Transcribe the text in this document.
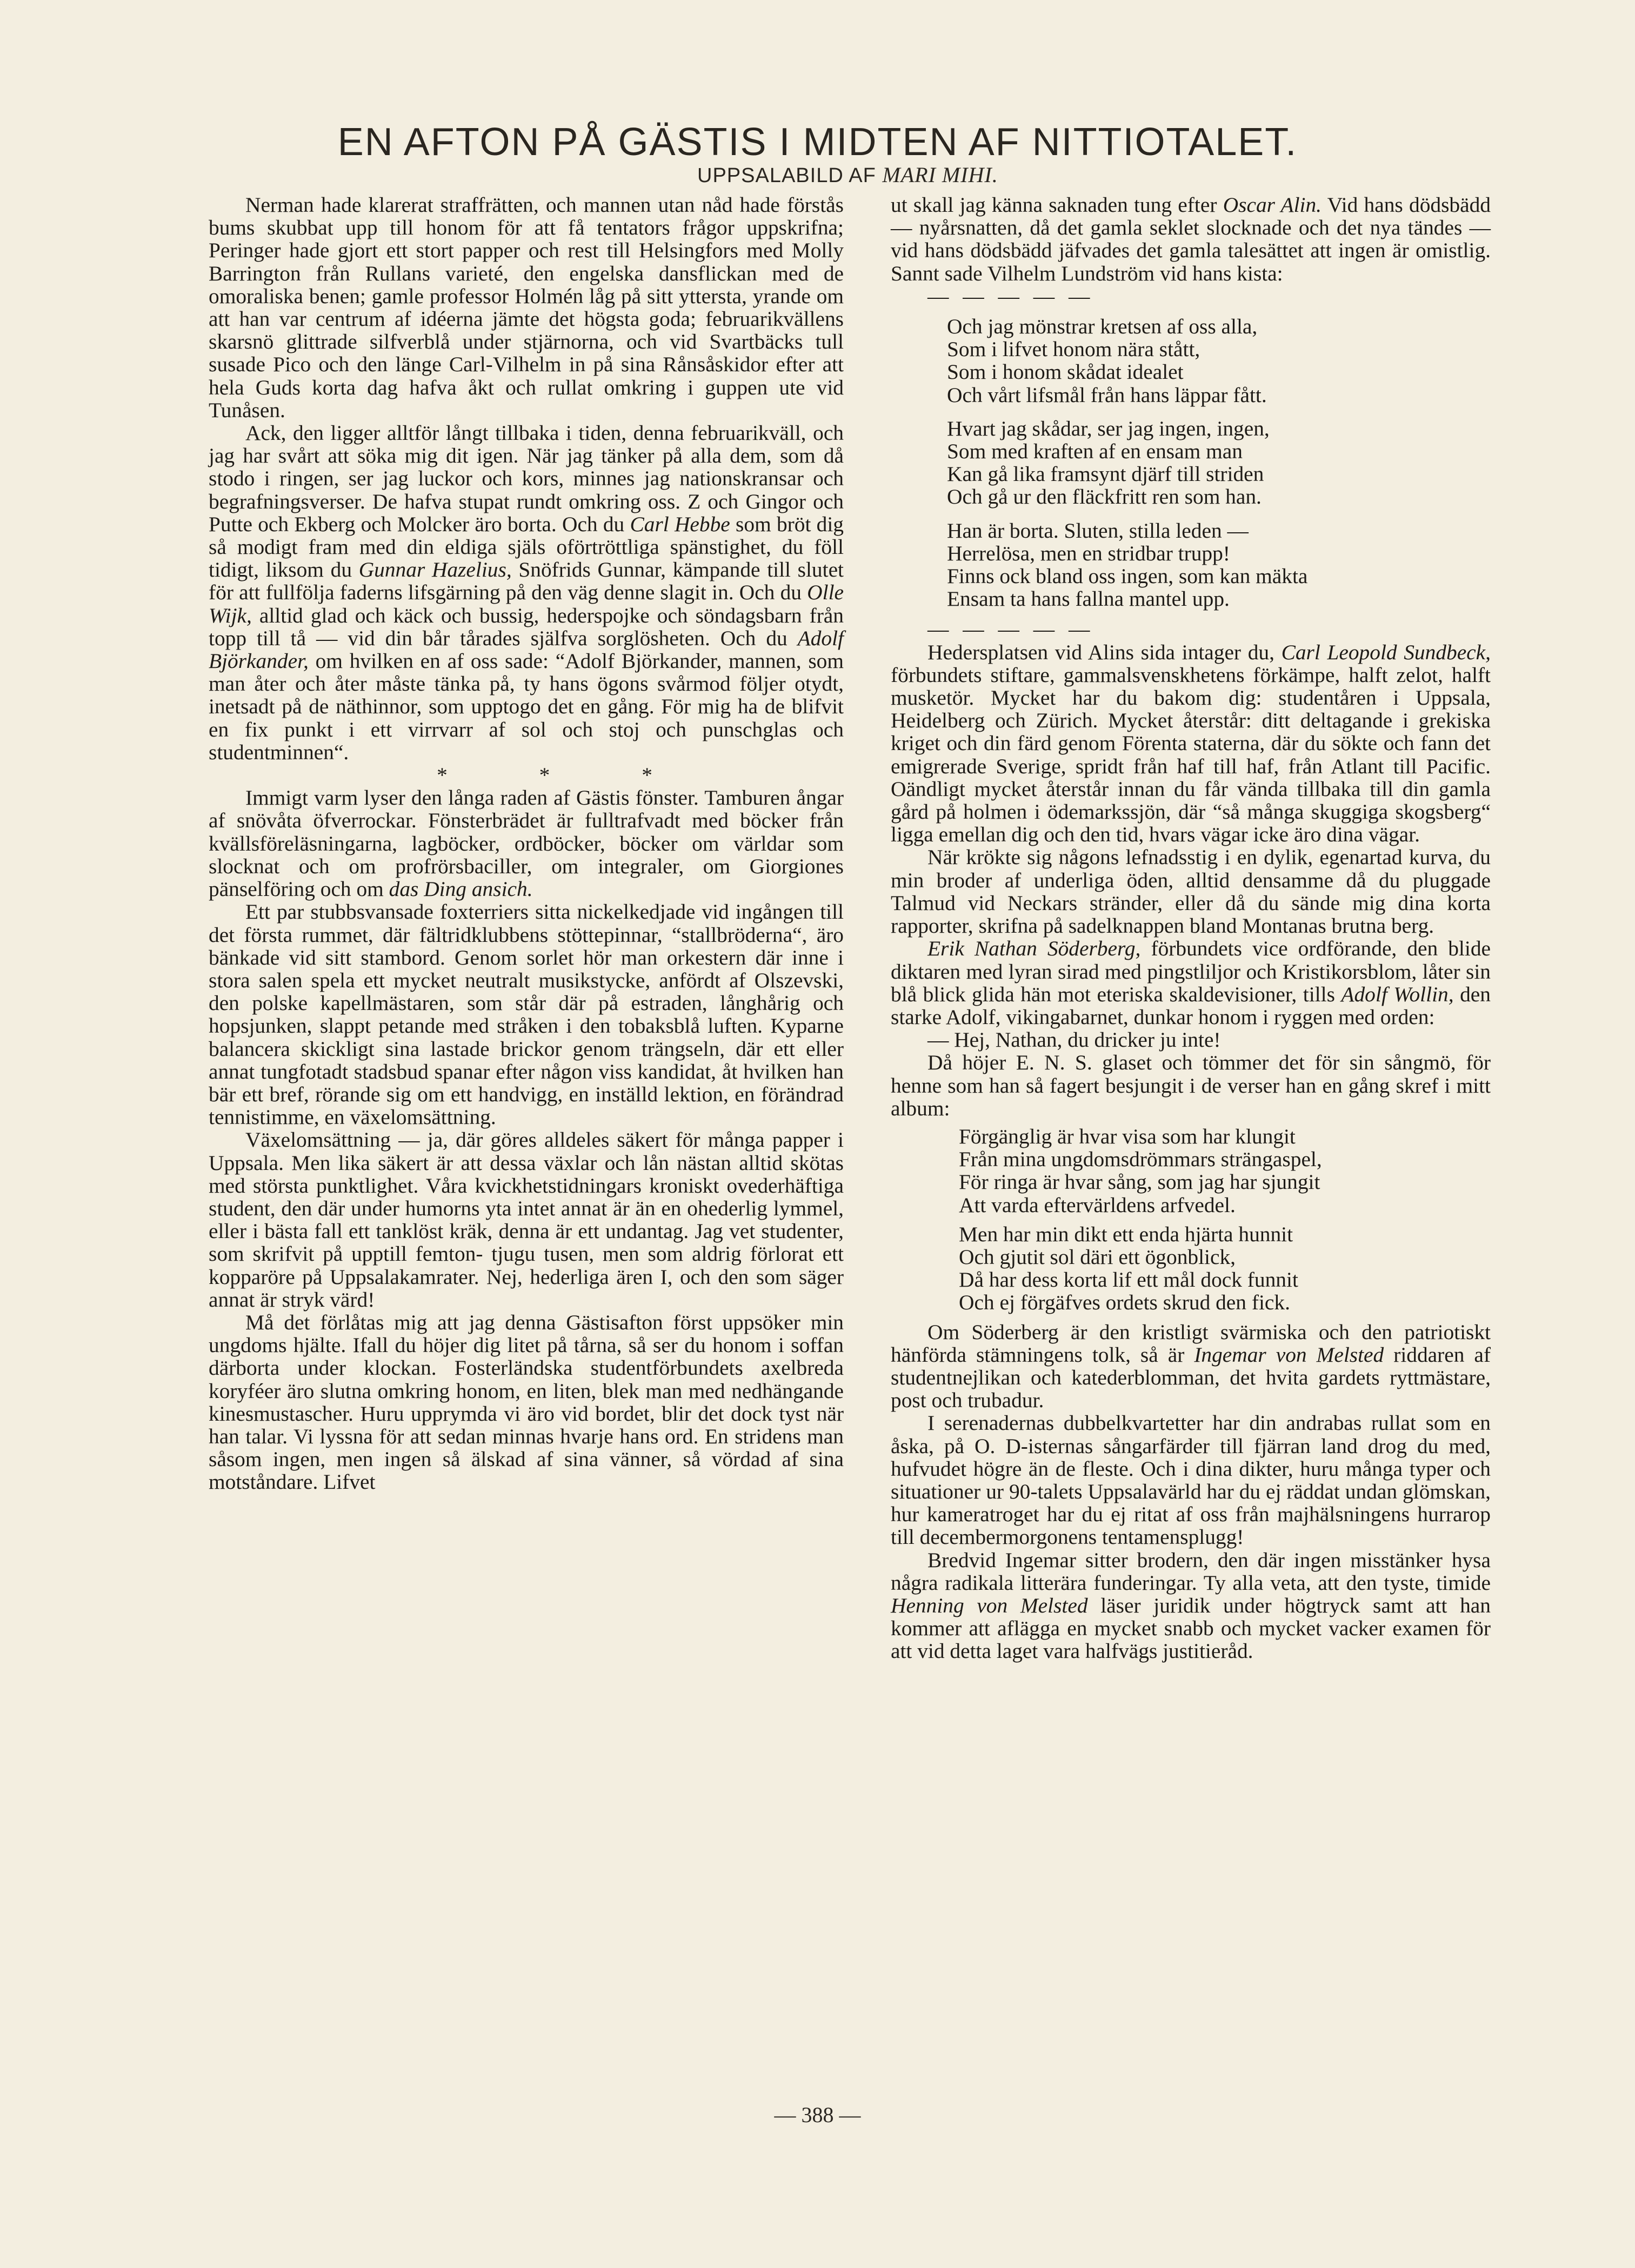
EN AFTON PÅ GÄSTIS I MIDTEN AF NITTIOTALET.
UPPSALABILD AF MARI MIHI.

Nerman hade klarerat straffrätten, och mannen utan nåd hade förstås bums skubbat upp till honom för att få tentators frågor uppskrifna; Peringer hade gjort ett stort papper och rest till Helsingfors med Molly Barrington från Rullans varieté, den engelska dansflickan med de omoraliska benen; gamle professor Holmén låg på sitt yttersta, yrande om att han var centrum af idéerna jämte det högsta goda; februarikvällens skarsnö glittrade silfverblå under stjärnorna, och vid Svartbäcks tull susade Pico och den länge Carl-Vilhelm in på sina Rånsåskidor efter att hela Guds korta dag hafva åkt och rullat omkring i guppen ute vid Tunåsen.

Ack, den ligger alltför långt tillbaka i tiden, denna februarikväll, och jag har svårt att söka mig dit igen. När jag tänker på alla dem, som då stodo i ringen, ser jag luckor och kors, minnes jag nationskransar och begrafningsverser. De hafva stupat rundt omkring oss. Z och Gingor och Putte och Ekberg och Molcker äro borta. Och du Carl Hebbe som bröt dig så modigt fram med din eldiga själs oförtröttliga spänstighet, du föll tidigt, liksom du Gunnar Hazelius, Snöfrids Gunnar, kämpande till slutet för att fullfölja faderns lifsgärning på den väg denne slagit in. Och du Olle Wijk, alltid glad och käck och bussig, hederspojke och söndagsbarn från topp till tå — vid din bår tårades själfva sorglösheten. Och du Adolf Björkander, om hvilken en af oss sade: “Adolf Björkander, mannen, som man åter och åter måste tänka på, ty hans ögons svårmod följer otydt, inetsadt på de näthinnor, som upptogo det en gång. För mig ha de blifvit en fix punkt i ett virrvarr af sol och stoj och punschglas och studentminnen“.

* * *

Immigt varm lyser den långa raden af Gästis fönster. Tamburen ångar af snövåta öfverrockar. Fönsterbrädet är fulltrafvadt med böcker från kvällsföreläsningarna, lagböcker, ordböcker, böcker om världar som slocknat och om profrörsbaciller, om integraler, om Giorgiones pänselföring och om das Ding ansich.

Ett par stubbsvansade foxterriers sitta nickelkedjade vid ingången till det första rummet, där fältridklubbens stöttepinnar, “stallbröderna“, äro bänkade vid sitt stambord. Genom sorlet hör man orkestern där inne i stora salen spela ett mycket neutralt musikstycke, anfördt af Olszevski, den polske kapellmästaren, som står där på estraden, långhårig och hopsjunken, slappt petande med stråken i den tobaksblå luften. Kyparne balancera skickligt sina lastade brickor genom trängseln, där ett eller annat tungfotadt stadsbud spanar efter någon viss kandidat, åt hvilken han bär ett bref, rörande sig om ett handvigg, en inställd lektion, en förändrad tennistimme, en växelomsättning.

Växelomsättning — ja, där göres alldeles säkert för många papper i Uppsala. Men lika säkert är att dessa växlar och lån nästan alltid skötas med största punktlighet. Våra kvickhetstidningars kroniskt ovederhäftiga student, den där under humorns yta intet annat är än en ohederlig lymmel, eller i bästa fall ett tanklöst kräk, denna är ett undantag. Jag vet studenter, som skrifvit på upptill femton- tjugu tusen, men som aldrig förlorat ett kopparöre på Uppsalakamrater. Nej, hederliga ären I, och den som säger annat är stryk värd!

Må det förlåtas mig att jag denna Gästisafton först uppsöker min ungdoms hjälte. Ifall du höjer dig litet på tårna, så ser du honom i soffan därborta under klockan. Fosterländska studentförbundets axelbreda koryféer äro slutna omkring honom, en liten, blek man med nedhängande kinesmustascher. Huru upprymda vi äro vid bordet, blir det dock tyst när han talar. Vi lyssna för att sedan minnas hvarje hans ord. En stridens man såsom ingen, men ingen så älskad af sina vänner, så vördad af sina motståndare. Lifvet

ut skall jag känna saknaden tung efter Oscar Alin. Vid hans dödsbädd — nyårsnatten, då det gamla seklet slocknade och det nya tändes — vid hans dödsbädd jäfvades det gamla talesättet att ingen är omistlig. Sannt sade Vilhelm Lundström vid hans kista:

— — — — —

Och jag mönstrar kretsen af oss alla,
Som i lifvet honom nära stått,
Som i honom skådat idealet
Och vårt lifsmål från hans läppar fått.
Hvart jag skådar, ser jag ingen, ingen,
Som med kraften af en ensam man
Kan gå lika framsynt djärf till striden
Och gå ur den fläckfritt ren som han.
Han är borta. Sluten, stilla leden —
Herrelösa, men en stridbar trupp!
Finns ock bland oss ingen, som kan mäkta
Ensam ta hans fallna mantel upp.

— — — — —

Hedersplatsen vid Alins sida intager du, Carl Leopold Sundbeck, förbundets stiftare, gammalsvenskhetens förkämpe, halft zelot, halft musketör. Mycket har du bakom dig: studentåren i Uppsala, Heidelberg och Zürich. Mycket återstår: ditt deltagande i grekiska kriget och din färd genom Förenta staterna, där du sökte och fann det emigrerade Sverige, spridt från haf till haf, från Atlant till Pacific. Oändligt mycket återstår innan du får vända tillbaka till din gamla gård på holmen i ödemarkssjön, där “så många skuggiga skogsberg“ ligga emellan dig och den tid, hvars vägar icke äro dina vägar.

När krökte sig någons lefnadsstig i en dylik, egenartad kurva, du min broder af underliga öden, alltid densamme då du pluggade Talmud vid Neckars stränder, eller då du sände mig dina korta rapporter, skrifna på sadelknappen bland Montanas brutna berg.

Erik Nathan Söderberg, förbundets vice ordförande, den blide diktaren med lyran sirad med pingstliljor och Kristikorsblom, låter sin blå blick glida hän mot eteriska skaldevisioner, tills Adolf Wollin, den starke Adolf, vikingabarnet, dunkar honom i ryggen med orden:

— Hej, Nathan, du dricker ju inte!

Då höjer E. N. S. glaset och tömmer det för sin sångmö, för henne som han så fagert besjungit i de verser han en gång skref i mitt album:

Förgänglig är hvar visa som har klungit
Från mina ungdomsdrömmars strängaspel,
För ringa är hvar sång, som jag har sjungit
Att varda eftervärldens arfvedel.
Men har min dikt ett enda hjärta hunnit
Och gjutit sol däri ett ögonblick,
Då har dess korta lif ett mål dock funnit
Och ej förgäfves ordets skrud den fick.

Om Söderberg är den kristligt svärmiska och den patriotiskt hänförda stämningens tolk, så är Ingemar von Melsted riddaren af studentnejlikan och katederblomman, det hvita gardets ryttmästare, post och trubadur.

I serenadernas dubbelkvartetter har din andrabas rullat som en åska, på O. D-isternas sångarfärder till fjärran land drog du med, hufvudet högre än de fleste. Och i dina dikter, huru många typer och situationer ur 90-talets Uppsalavärld har du ej räddat undan glömskan, hur kameratroget har du ej ritat af oss från majhälsningens hurrarop till decembermorgonens tentamensplugg!

Bredvid Ingemar sitter brodern, den där ingen misstänker hysa några radikala litterära funderingar. Ty alla veta, att den tyste, timide Henning von Melsted läser juridik under högtryck samt att han kommer att aflägga en mycket snabb och mycket vacker examen för att vid detta laget vara halfvägs justitieråd.

— 388 —
